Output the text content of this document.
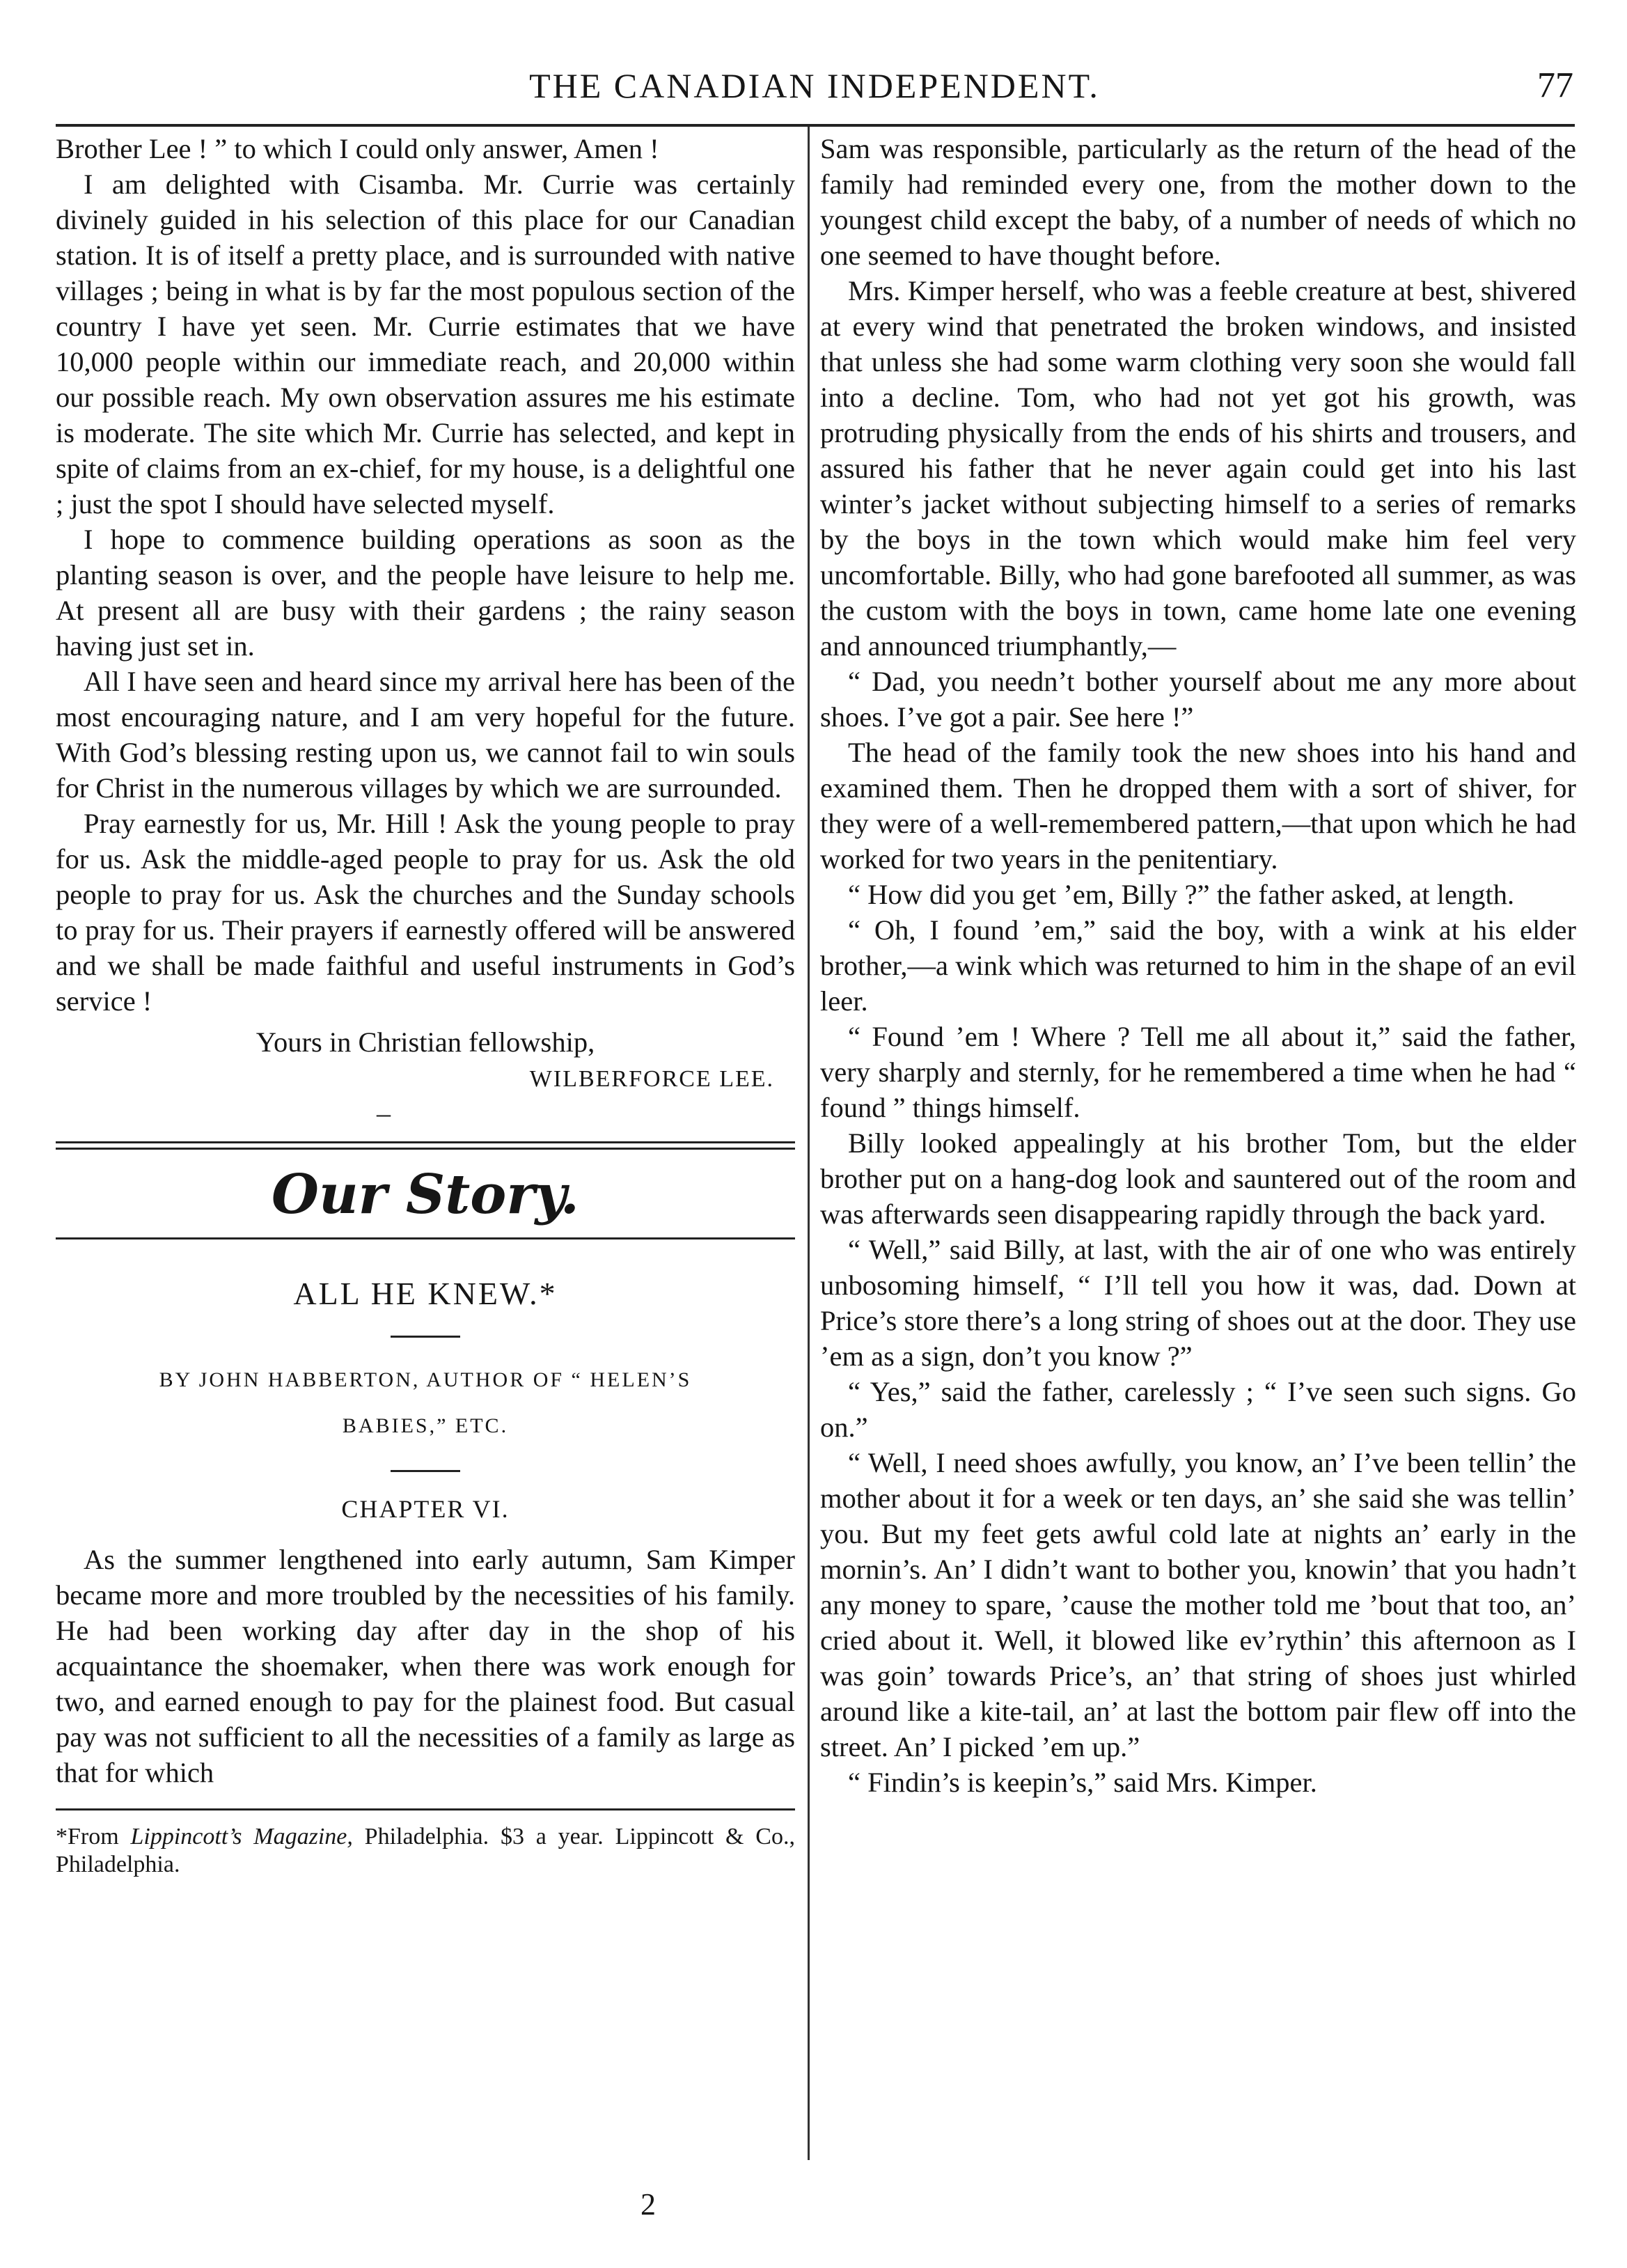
THE CANADIAN INDEPENDENT.	77

Brother Lee ! ” to which I could only answer, Amen !

I am delighted with Cisamba. Mr. Currie was certainly divinely guided in his selection of this place for our Canadian station. It is of itself a pretty place, and is surrounded with native villages ; being in what is by far the most populous section of the country I have yet seen. Mr. Currie estimates that we have 10,000 people within our immediate reach, and 20,000 within our possible reach. My own observation assures me his estimate is moderate. The site which Mr. Currie has selected, and kept in spite of claims from an ex-chief, for my house, is a delightful one ; just the spot I should have selected myself.

I hope to commence building operations as soon as the planting season is over, and the people have leisure to help me. At present all are busy with their gardens ; the rainy season having just set in.

All I have seen and heard since my arrival here has been of the most encouraging nature, and I am very hopeful for the future. With God’s blessing resting upon us, we cannot fail to win souls for Christ in the numerous villages by which we are surrounded.

Pray earnestly for us, Mr. Hill ! Ask the young people to pray for us. Ask the middle-aged people to pray for us. Ask the old people to pray for us. Ask the churches and the Sunday schools to pray for us. Their prayers if earnestly offered will be answered and we shall be made faithful and useful instruments in God’s service !

Yours in Christian fellowship,
WILBERFORCE LEE.
–
Our Story.
ALL HE KNEW.*
BY JOHN HABBERTON, AUTHOR OF “ HELEN’S
BABIES,” ETC.
CHAPTER VI.

As the summer lengthened into early autumn, Sam Kimper became more and more troubled by the necessities of his family. He had been working day after day in the shop of his acquaintance the shoemaker, when there was work enough for two, and earned enough to pay for the plainest food. But casual pay was not sufficient to all the necessities of a family as large as that for which

*From Lippincott’s Magazine, Philadelphia. $3 a year. Lippincott & Co., Philadelphia.

Sam was responsible, particularly as the return of the head of the family had reminded every one, from the mother down to the youngest child except the baby, of a number of needs of which no one seemed to have thought before.

Mrs. Kimper herself, who was a feeble creature at best, shivered at every wind that penetrated the broken windows, and insisted that unless she had some warm clothing very soon she would fall into a decline. Tom, who had not yet got his growth, was protruding physically from the ends of his shirts and trousers, and assured his father that he never again could get into his last winter’s jacket without subjecting himself to a series of remarks by the boys in the town which would make him feel very uncomfortable. Billy, who had gone barefooted all summer, as was the custom with the boys in town, came home late one evening and announced triumphantly,—

“ Dad, you needn’t bother yourself about me any more about shoes. I’ve got a pair. See here !”

The head of the family took the new shoes into his hand and examined them. Then he dropped them with a sort of shiver, for they were of a well-remembered pattern,—that upon which he had worked for two years in the penitentiary.

“ How did you get ’em, Billy ?” the father asked, at length.

“ Oh, I found ’em,” said the boy, with a wink at his elder brother,—a wink which was returned to him in the shape of an evil leer.

“ Found ’em ! Where ? Tell me all about it,” said the father, very sharply and sternly, for he remembered a time when he had “ found ” things himself.

Billy looked appealingly at his brother Tom, but the elder brother put on a hang-dog look and sauntered out of the room and was afterwards seen disappearing rapidly through the back yard.

“ Well,” said Billy, at last, with the air of one who was entirely unbosoming himself, “ I’ll tell you how it was, dad. Down at Price’s store there’s a long string of shoes out at the door. They use ’em as a sign, don’t you know ?”

“ Yes,” said the father, carelessly ; “ I’ve seen such signs. Go on.”

“ Well, I need shoes awfully, you know, an’ I’ve been tellin’ the mother about it for a week or ten days, an’ she said she was tellin’ you. But my feet gets awful cold late at nights an’ early in the mornin’s. An’ I didn’t want to bother you, knowin’ that you hadn’t any money to spare, ’cause the mother told me ’bout that too, an’ cried about it. Well, it blowed like ev’rythin’ this afternoon as I was goin’ towards Price’s, an’ that string of shoes just whirled around like a kite-tail, an’ at last the bottom pair flew off into the street. An’ I picked ’em up.”

“ Findin’s is keepin’s,” said Mrs. Kimper.

2
